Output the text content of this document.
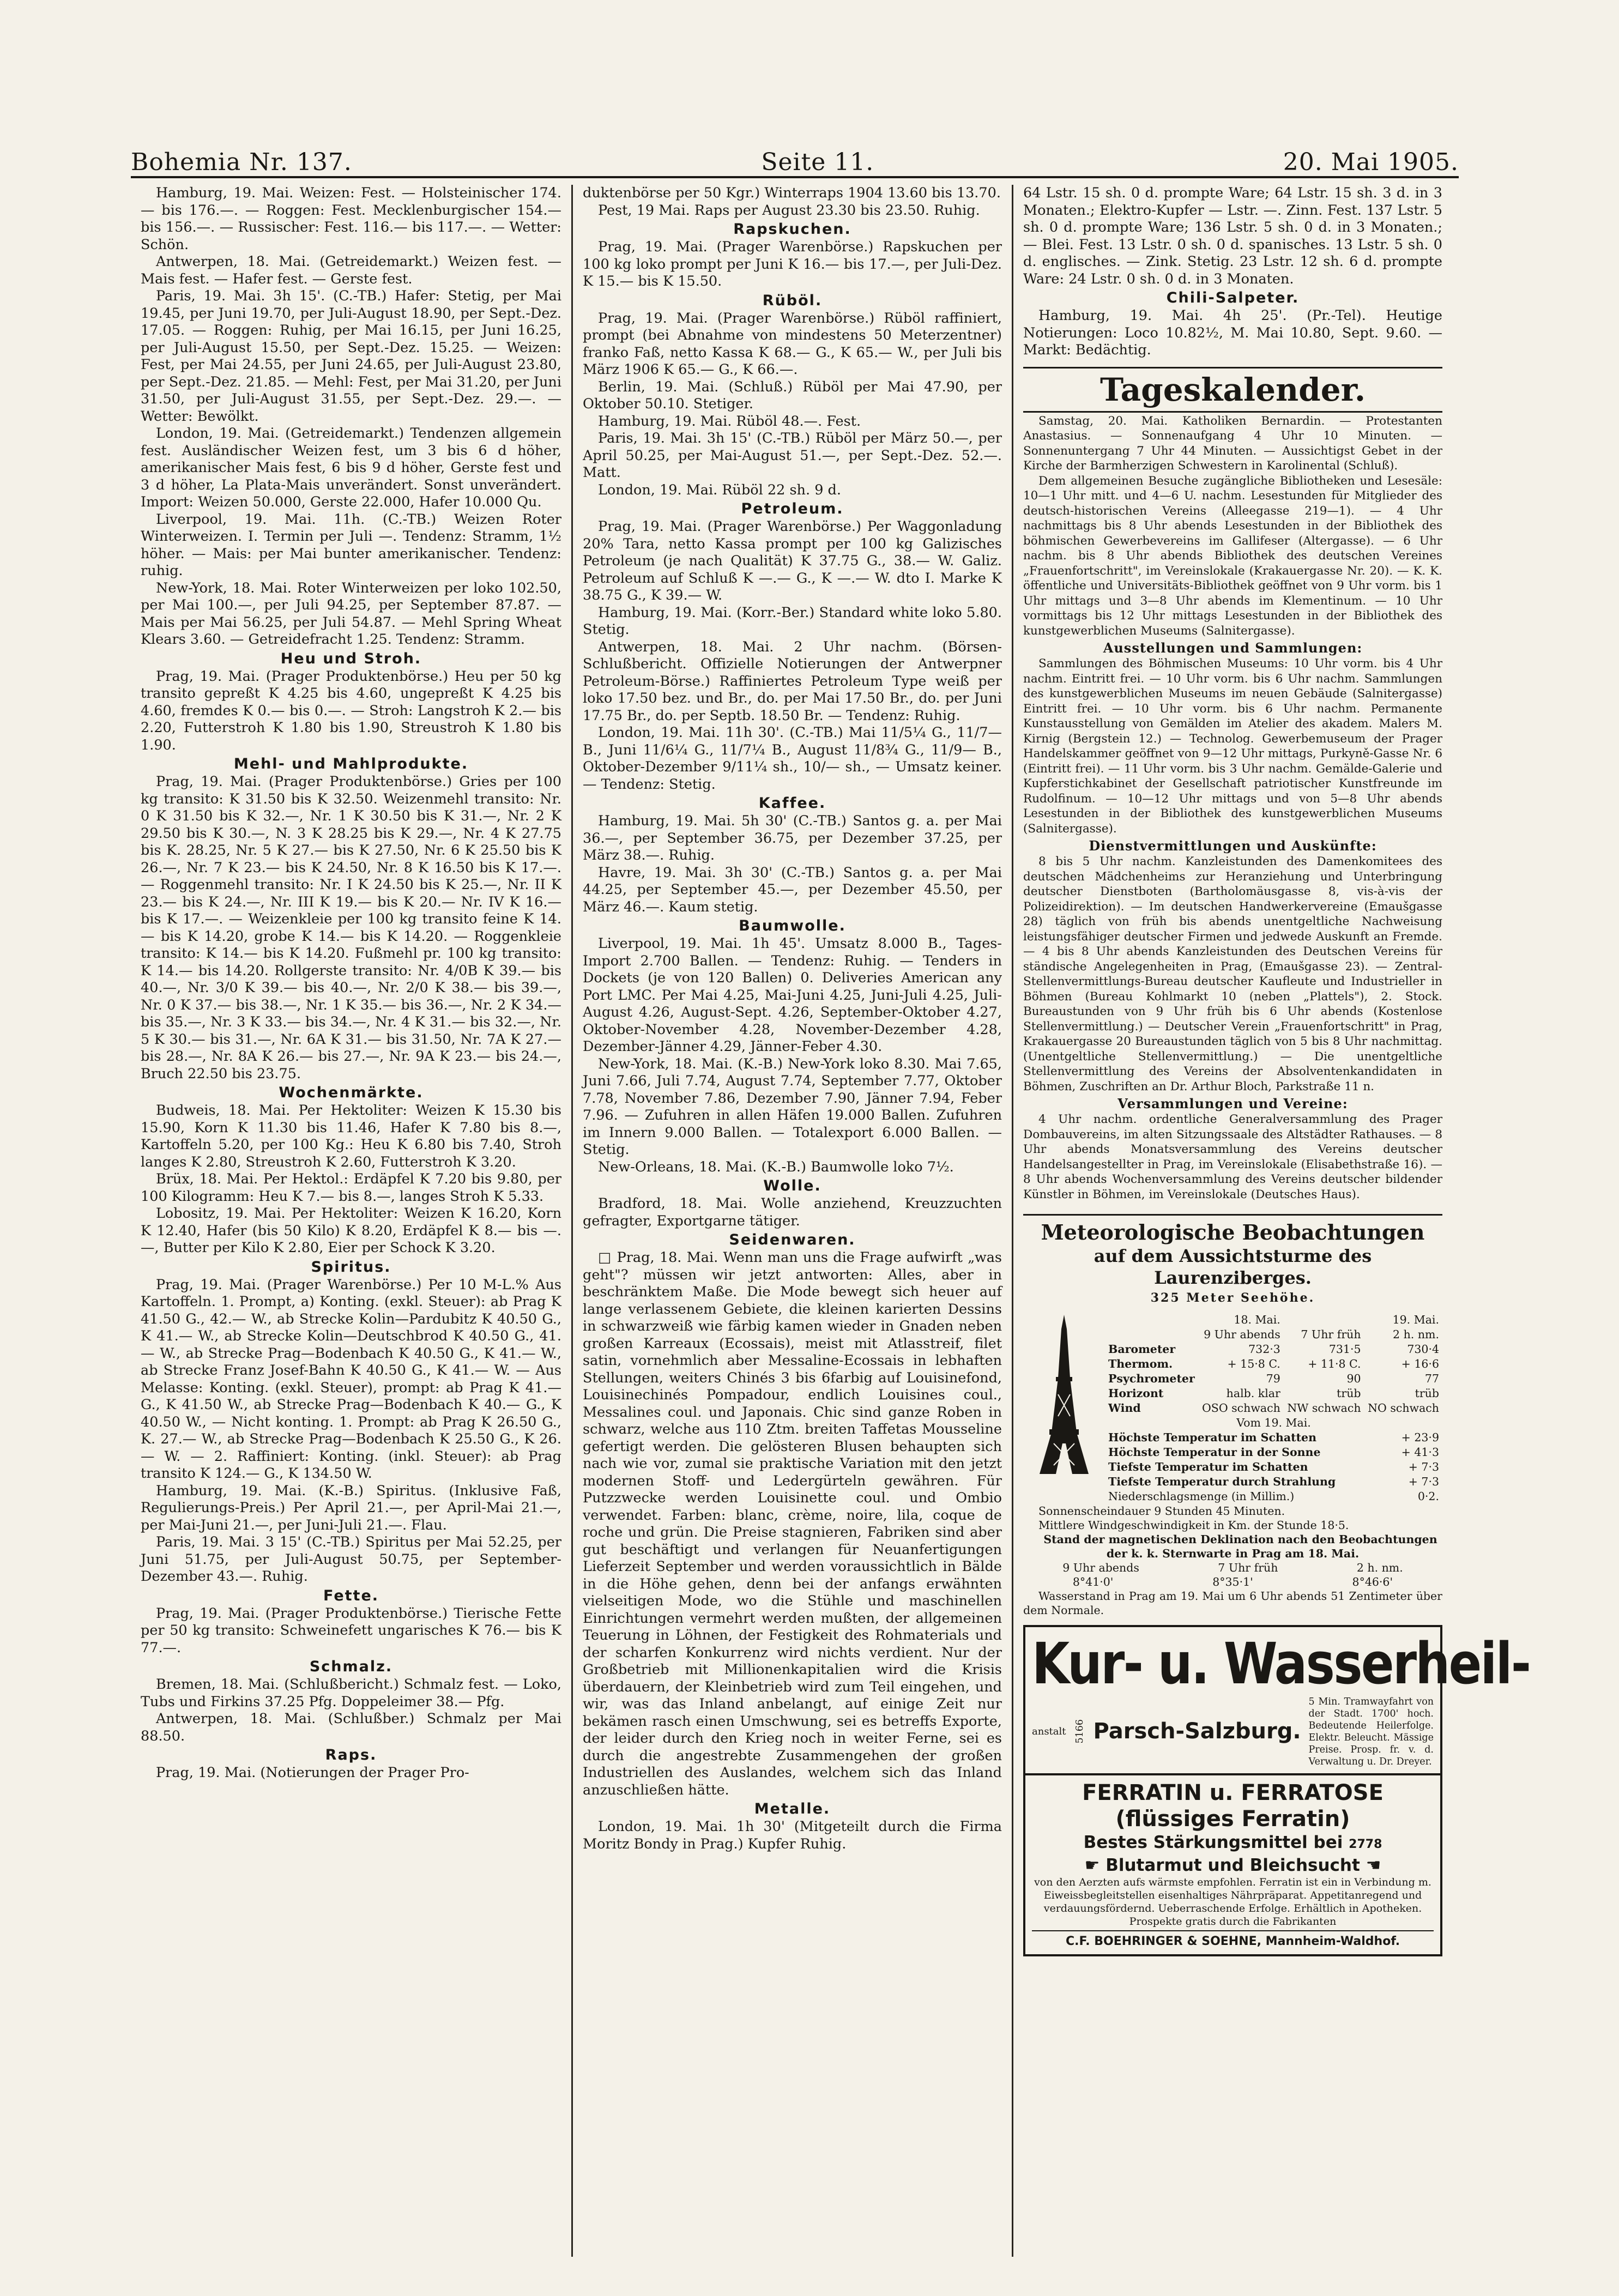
Bohemia Nr. 137.	Seite 11.	20. Mai 1905.

Hamburg, 19. Mai. Weizen: Fest. — Holsteinischer 174.— bis 176.—. — Roggen: Fest. Mecklenburgischer 154.— bis 156.—. — Russischer: Fest. 116.— bis 117.—. — Wetter: Schön.

Antwerpen, 18. Mai. (Getreidemarkt.) Weizen fest. — Mais fest. — Hafer fest. — Gerste fest.

Paris, 19. Mai. 3h 15'. (C.-TB.) Hafer: Stetig, per Mai 19.45, per Juni 19.70, per Juli-August 18.90, per Sept.-Dez. 17.05. — Roggen: Ruhig, per Mai 16.15, per Juni 16.25, per Juli-August 15.50, per Sept.-Dez. 15.25. — Weizen: Fest, per Mai 24.55, per Juni 24.65, per Juli-August 23.80, per Sept.-Dez. 21.85. — Mehl: Fest, per Mai 31.20, per Juni 31.50, per Juli-August 31.55, per Sept.-Dez. 29.—. — Wetter: Bewölkt.

London, 19. Mai. (Getreidemarkt.) Tendenzen allgemein fest. Ausländischer Weizen fest, um 3 bis 6 d höher, amerikanischer Mais fest, 6 bis 9 d höher, Gerste fest und 3 d höher, La Plata-Mais unverändert. Sonst unverändert. Import: Weizen 50.000, Gerste 22.000, Hafer 10.000 Qu.

Liverpool, 19. Mai. 11h. (C.-TB.) Weizen Roter Winterweizen. I. Termin per Juli —. Tendenz: Stramm, 1½ höher. — Mais: per Mai bunter amerikanischer. Tendenz: ruhig.

New-York, 18. Mai. Roter Winterweizen per loko 102.50, per Mai 100.—, per Juli 94.25, per September 87.87. — Mais per Mai 56.25, per Juli 54.87. — Mehl Spring Wheat Klears 3.60. — Getreidefracht 1.25. Tendenz: Stramm.

Heu und Stroh.

Prag, 19. Mai. (Prager Produktenbörse.) Heu per 50 kg transito gepreßt K 4.25 bis 4.60, ungepreßt K 4.25 bis 4.60, fremdes K 0.— bis 0.—. — Stroh: Langstroh K 2.— bis 2.20, Futterstroh K 1.80 bis 1.90, Streustroh K 1.80 bis 1.90.

Mehl- und Mahlprodukte.

Prag, 19. Mai. (Prager Produktenbörse.) Gries per 100 kg transito: K 31.50 bis K 32.50. Weizenmehl transito: Nr. 0 K 31.50 bis K 32.—, Nr. 1 K 30.50 bis K 31.—, Nr. 2 K 29.50 bis K 30.—, N. 3 K 28.25 bis K 29.—, Nr. 4 K 27.75 bis K. 28.25, Nr. 5 K 27.— bis K 27.50, Nr. 6 K 25.50 bis K 26.—, Nr. 7 K 23.— bis K 24.50, Nr. 8 K 16.50 bis K 17.—. — Roggenmehl transito: Nr. I K 24.50 bis K 25.—, Nr. II K 23.— bis K 24.—, Nr. III K 19.— bis K 20.— Nr. IV K 16.— bis K 17.—. — Weizenkleie per 100 kg transito feine K 14.— bis K 14.20, grobe K 14.— bis K 14.20. — Roggenkleie transito: K 14.— bis K 14.20. Fußmehl pr. 100 kg transito: K 14.— bis 14.20. Rollgerste transito: Nr. 4/0B K 39.— bis 40.—, Nr. 3/0 K 39.— bis 40.—, Nr. 2/0 K 38.— bis 39.—, Nr. 0 K 37.— bis 38.—, Nr. 1 K 35.— bis 36.—, Nr. 2 K 34.— bis 35.—, Nr. 3 K 33.— bis 34.—, Nr. 4 K 31.— bis 32.—, Nr. 5 K 30.— bis 31.—, Nr. 6A K 31.— bis 31.50, Nr. 7A K 27.— bis 28.—, Nr. 8A K 26.— bis 27.—, Nr. 9A K 23.— bis 24.—, Bruch 22.50 bis 23.75.

Wochenmärkte.

Budweis, 18. Mai. Per Hektoliter: Weizen K 15.30 bis 15.90, Korn K 11.30 bis 11.46, Hafer K 7.80 bis 8.—, Kartoffeln 5.20, per 100 Kg.: Heu K 6.80 bis 7.40, Stroh langes K 2.80, Streustroh K 2.60, Futterstroh K 3.20.

Brüx, 18. Mai. Per Hektol.: Erdäpfel K 7.20 bis 9.80, per 100 Kilogramm: Heu K 7.— bis 8.—, langes Stroh K 5.33.

Lobositz, 19. Mai. Per Hektoliter: Weizen K 16.20, Korn K 12.40, Hafer (bis 50 Kilo) K 8.20, Erdäpfel K 8.— bis —.—, Butter per Kilo K 2.80, Eier per Schock K 3.20.

Spiritus.

Prag, 19. Mai. (Prager Warenbörse.) Per 10 M-L.% Aus Kartoffeln. 1. Prompt, a) Konting. (exkl. Steuer): ab Prag K 41.50 G., 42.— W., ab Strecke Kolin—Pardubitz K 40.50 G., K 41.— W., ab Strecke Kolin—Deutschbrod K 40.50 G., 41.— W., ab Strecke Prag—Bodenbach K 40.50 G., K 41.— W., ab Strecke Franz Josef-Bahn K 40.50 G., K 41.— W. — Aus Melasse: Konting. (exkl. Steuer), prompt: ab Prag K 41.— G., K 41.50 W., ab Strecke Prag—Bodenbach K 40.— G., K 40.50 W., — Nicht konting. 1. Prompt: ab Prag K 26.50 G., K. 27.— W., ab Strecke Prag—Bodenbach K 25.50 G., K 26.— W. — 2. Raffiniert: Konting. (inkl. Steuer): ab Prag transito K 124.— G., K 134.50 W.

Hamburg, 19. Mai. (K.-B.) Spiritus. (Inklusive Faß, Regulierungs-Preis.) Per April 21.—, per April-Mai 21.—, per Mai-Juni 21.—, per Juni-Juli 21.—. Flau.

Paris, 19. Mai. 3 15' (C.-TB.) Spiritus per Mai 52.25, per Juni 51.75, per Juli-August 50.75, per September-Dezember 43.—. Ruhig.

Fette.

Prag, 19. Mai. (Prager Produktenbörse.) Tierische Fette per 50 kg transito: Schweinefett ungarisches K 76.— bis K 77.—.

Schmalz.

Bremen, 18. Mai. (Schlußbericht.) Schmalz fest. — Loko, Tubs und Firkins 37.25 Pfg. Doppeleimer 38.— Pfg.

Antwerpen, 18. Mai. (Schlußber.) Schmalz per Mai 88.50.

Raps.

Prag, 19. Mai. (Notierungen der Prager Pro-

duktenbörse per 50 Kgr.) Winterraps 1904 13.60 bis 13.70.

Pest, 19 Mai. Raps per August 23.30 bis 23.50. Ruhig.

Rapskuchen.

Prag, 19. Mai. (Prager Warenbörse.) Rapskuchen per 100 kg loko prompt per Juni K 16.— bis 17.—, per Juli-Dez. K 15.— bis K 15.50.

Rüböl.

Prag, 19. Mai. (Prager Warenbörse.) Rüböl raffiniert, prompt (bei Abnahme von mindestens 50 Meterzentner) franko Faß, netto Kassa K 68.— G., K 65.— W., per Juli bis März 1906 K 65.— G., K 66.—.

Berlin, 19. Mai. (Schluß.) Rüböl per Mai 47.90, per Oktober 50.10. Stetiger.

Hamburg, 19. Mai. Rüböl 48.—. Fest.

Paris, 19. Mai. 3h 15' (C.-TB.) Rüböl per März 50.—, per April 50.25, per Mai-August 51.—, per Sept.-Dez. 52.—. Matt.

London, 19. Mai. Rüböl 22 sh. 9 d.

Petroleum.

Prag, 19. Mai. (Prager Warenbörse.) Per Waggonladung 20% Tara, netto Kassa prompt per 100 kg Galizisches Petroleum (je nach Qualität) K 37.75 G., 38.— W. Galiz. Petroleum auf Schluß K —.— G., K —.— W. dto I. Marke K 38.75 G., K 39.— W.

Hamburg, 19. Mai. (Korr.-Ber.) Standard white loko 5.80. Stetig.

Antwerpen, 18. Mai. 2 Uhr nachm. (Börsen-Schlußbericht. Offizielle Notierungen der Antwerpner Petroleum-Börse.) Raffiniertes Petroleum Type weiß per loko 17.50 bez. und Br., do. per Mai 17.50 Br., do. per Juni 17.75 Br., do. per Septb. 18.50 Br. — Tendenz: Ruhig.

London, 19. Mai. 11h 30'. (C.-TB.) Mai 11/5¼ G., 11/7— B., Juni 11/6¼ G., 11/7¼ B., August 11/8¾ G., 11/9— B., Oktober-Dezember 9/11¼ sh., 10/— sh., — Umsatz keiner. — Tendenz: Stetig.

Kaffee.

Hamburg, 19. Mai. 5h 30' (C.-TB.) Santos g. a. per Mai 36.—, per September 36.75, per Dezember 37.25, per März 38.—. Ruhig.

Havre, 19. Mai. 3h 30' (C.-TB.) Santos g. a. per Mai 44.25, per September 45.—, per Dezember 45.50, per März 46.—. Kaum stetig.

Baumwolle.

Liverpool, 19. Mai. 1h 45'. Umsatz 8.000 B., Tages-Import 2.700 Ballen. — Tendenz: Ruhig. — Tenders in Dockets (je von 120 Ballen) 0. Deliveries American any Port LMC. Per Mai 4.25, Mai-Juni 4.25, Juni-Juli 4.25, Juli-August 4.26, August-Sept. 4.26, September-Oktober 4.27, Oktober-November 4.28, November-Dezember 4.28, Dezember-Jänner 4.29, Jänner-Feber 4.30.

New-York, 18. Mai. (K.-B.) New-York loko 8.30. Mai 7.65, Juni 7.66, Juli 7.74, August 7.74, September 7.77, Oktober 7.78, November 7.86, Dezember 7.90, Jänner 7.94, Feber 7.96. — Zufuhren in allen Häfen 19.000 Ballen. Zufuhren im Innern 9.000 Ballen. — Totalexport 6.000 Ballen. — Stetig.

New-Orleans, 18. Mai. (K.-B.) Baumwolle loko 7½.

Wolle.

Bradford, 18. Mai. Wolle anziehend, Kreuzzuchten gefragter, Exportgarne tätiger.

Seidenwaren.

□ Prag, 18. Mai. Wenn man uns die Frage aufwirft „was geht"? müssen wir jetzt antworten: Alles, aber in beschränktem Maße. Die Mode bewegt sich heuer auf lange verlassenem Gebiete, die kleinen karierten Dessins in schwarzweiß wie färbig kamen wieder in Gnaden neben großen Karreaux (Ecossais), meist mit Atlasstreif, filet satin, vornehmlich aber Messaline-Ecossais in lebhaften Stellungen, weiters Chinés 3 bis 6farbig auf Louisinefond, Louisinechinés Pompadour, endlich Louisines coul., Messalines coul. und Japonais. Chic sind ganze Roben in schwarz, welche aus 110 Ztm. breiten Taffetas Mousseline gefertigt werden. Die gelösteren Blusen behaupten sich nach wie vor, zumal sie praktische Variation mit den jetzt modernen Stoff- und Ledergürteln gewähren. Für Putzzwecke werden Louisinette coul. und Ombio verwendet. Farben: blanc, crème, noire, lila, coque de roche und grün. Die Preise stagnieren, Fabriken sind aber gut beschäftigt und verlangen für Neuanfertigungen Lieferzeit September und werden voraussichtlich in Bälde in die Höhe gehen, denn bei der anfangs erwähnten vielseitigen Mode, wo die Stühle und maschinellen Einrichtungen vermehrt werden mußten, der allgemeinen Teuerung in Löhnen, der Festigkeit des Rohmaterials und der scharfen Konkurrenz wird nichts verdient. Nur der Großbetrieb mit Millionenkapitalien wird die Krisis überdauern, der Kleinbetrieb wird zum Teil eingehen, und wir, was das Inland anbelangt, auf einige Zeit nur bekämen rasch einen Umschwung, sei es betreffs Exporte, der leider durch den Krieg noch in weiter Ferne, sei es durch die angestrebte Zusammengehen der großen Industriellen des Auslandes, welchem sich das Inland anzuschließen hätte.

Metalle.

London, 19. Mai. 1h 30' (Mitgeteilt durch die Firma Moritz Bondy in Prag.) Kupfer Ruhig.

64 Lstr. 15 sh. 0 d. prompte Ware; 64 Lstr. 15 sh. 3 d. in 3 Monaten.; Elektro-Kupfer — Lstr. —. Zinn. Fest. 137 Lstr. 5 sh. 0 d. prompte Ware; 136 Lstr. 5 sh. 0 d. in 3 Monaten.; — Blei. Fest. 13 Lstr. 0 sh. 0 d. spanisches. 13 Lstr. 5 sh. 0 d. englisches. — Zink. Stetig. 23 Lstr. 12 sh. 6 d. prompte Ware: 24 Lstr. 0 sh. 0 d. in 3 Monaten.

Chili-Salpeter.

Hamburg, 19. Mai. 4h 25'. (Pr.-Tel). Heutige Notierungen: Loco 10.82½, M. Mai 10.80, Sept. 9.60. — Markt: Bedächtig.

Tageskalender.

Samstag, 20. Mai. Katholiken Bernardin. — Protestanten Anastasius. — Sonnenaufgang 4 Uhr 10 Minuten. — Sonnenuntergang 7 Uhr 44 Minuten. — Aussichtigst Gebet in der Kirche der Barmherzigen Schwestern in Karolinental (Schluß).

Dem allgemeinen Besuche zugängliche Bibliotheken und Lesesäle: 10—1 Uhr mitt. und 4—6 U. nachm. Lesestunden für Mitglieder des deutsch-historischen Vereins (Alleegasse 219—1). — 4 Uhr nachmittags bis 8 Uhr abends Lesestunden in der Bibliothek des böhmischen Gewerbevereins im Gallifeser (Altergasse). — 6 Uhr nachm. bis 8 Uhr abends Bibliothek des deutschen Vereines „Frauenfortschritt", im Vereinslokale (Krakauergasse Nr. 20). — K. K. öffentliche und Universitäts-Bibliothek geöffnet von 9 Uhr vorm. bis 1 Uhr mittags und 3—8 Uhr abends im Klementinum. — 10 Uhr vormittags bis 12 Uhr mittags Lesestunden in der Bibliothek des kunstgewerblichen Museums (Salnitergasse).

Ausstellungen und Sammlungen:

Sammlungen des Böhmischen Museums: 10 Uhr vorm. bis 4 Uhr nachm. Eintritt frei. — 10 Uhr vorm. bis 6 Uhr nachm. Sammlungen des kunstgewerblichen Museums im neuen Gebäude (Salnitergasse) Eintritt frei. — 10 Uhr vorm. bis 6 Uhr nachm. Permanente Kunstausstellung von Gemälden im Atelier des akadem. Malers M. Kirnig (Bergstein 12.) — Technolog. Gewerbemuseum der Prager Handelskammer geöffnet von 9—12 Uhr mittags, Purkyně-Gasse Nr. 6 (Eintritt frei). — 11 Uhr vorm. bis 3 Uhr nachm. Gemälde-Galerie und Kupferstichkabinet der Gesellschaft patriotischer Kunstfreunde im Rudolfinum. — 10—12 Uhr mittags und von 5—8 Uhr abends Lesestunden in der Bibliothek des kunstgewerblichen Museums (Salnitergasse).

Dienstvermittlungen und Auskünfte:

8 bis 5 Uhr nachm. Kanzleistunden des Damenkomitees des deutschen Mädchenheims zur Heranziehung und Unterbringung deutscher Dienstboten (Bartholomäusgasse 8, vis-à-vis der Polizeidirektion). — Im deutschen Handwerkervereine (Emaušgasse 28) täglich von früh bis abends unentgeltliche Nachweisung leistungsfähiger deutscher Firmen und jedwede Auskunft an Fremde. — 4 bis 8 Uhr abends Kanzleistunden des Deutschen Vereins für ständische Angelegenheiten in Prag, (Emaušgasse 23). — Zentral-Stellenvermittlungs-Bureau deutscher Kaufleute und Industrieller in Böhmen (Bureau Kohlmarkt 10 (neben „Plattels"), 2. Stock. Bureaustunden von 9 Uhr früh bis 6 Uhr abends (Kostenlose Stellenvermittlung.) — Deutscher Verein „Frauenfortschritt" in Prag, Krakauergasse 20 Bureaustunden täglich von 5 bis 8 Uhr nachmittag. (Unentgeltliche Stellenvermittlung.) — Die unentgeltliche Stellenvermittlung des Vereins der Absolventenkandidaten in Böhmen, Zuschriften an Dr. Arthur Bloch, Parkstraße 11 n.

Versammlungen und Vereine:

4 Uhr nachm. ordentliche Generalversammlung des Prager Dombauvereins, im alten Sitzungssaale des Altstädter Rathauses. — 8 Uhr abends Monatsversammlung des Vereins deutscher Handelsangestellter in Prag, im Vereinslokale (Elisabethstraße 16). — 8 Uhr abends Wochenversammlung des Vereins deutscher bildender Künstler in Böhmen, im Vereinslokale (Deutsches Haus).

Meteorologische Beobachtungen
auf dem Aussichtsturme des Laurenziberges.
325 Meter Seehöhe.
	18. Mai.	19. Mai.	
	9 Uhr abends	7 Uhr früh	2 h. nm.
Barometer	732·3	731·5	730·4
Thermom.	+ 15·8 C.	+ 11·8 C.	+ 16·6
Psychrometer	79	90	77
Horizont	halb. klar	trüb	trüb
Wind	OSO schwach	NW schwach	NO schwach
Vom 19. Mai.			
Höchste Temperatur im Schatten			+ 23·9
Höchste Temperatur in der Sonne			+ 41·3
Tiefste Temperatur im Schatten			+ 7·3
Tiefste Temperatur durch Strahlung			+ 7·3
Niederschlagsmenge (in Millim.)			0·2.

Sonnenscheindauer 9 Stunden 45 Minuten.

Mittlere Windgeschwindigkeit in Km. der Stunde 18·5.

Stand der magnetischen Deklination nach den Beobachtungen der k. k. Sternwarte in Prag am 18. Mai.

9 Uhr abends	7 Uhr früh	2 h. nm.
8°41·0'	8°35·1'	8°46·6'

Wasserstand in Prag am 19. Mai um 6 Uhr abends 51 Zentimeter über dem Normale.

Kur- u. Wasserheil-
anstalt 5166 Parsch-Salzburg.
5 Min. Tramwayfahrt von der Stadt. 1700' hoch. Bedeutende Heilerfolge. Elektr. Beleucht. Mässige Preise. Prosp. fr. v. d. Verwaltung u. Dr. Dreyer.
FERRATIN u. FERRATOSE (flüssiges Ferratin)
Bestes Stärkungsmittel bei 2778
☛ Blutarmut und Bleichsucht ☚
von den Aerzten aufs wärmste empfohlen. Ferratin ist ein in Verbindung m. Eiweissbegleitstellen eisenhaltiges Nährpräparat. Appetitanregend und verdauungsfördernd. Ueberraschende Erfolge. Erhältlich in Apotheken. Prospekte gratis durch die Fabrikanten
C.F. BOEHRINGER & SOEHNE, Mannheim-Waldhof.
